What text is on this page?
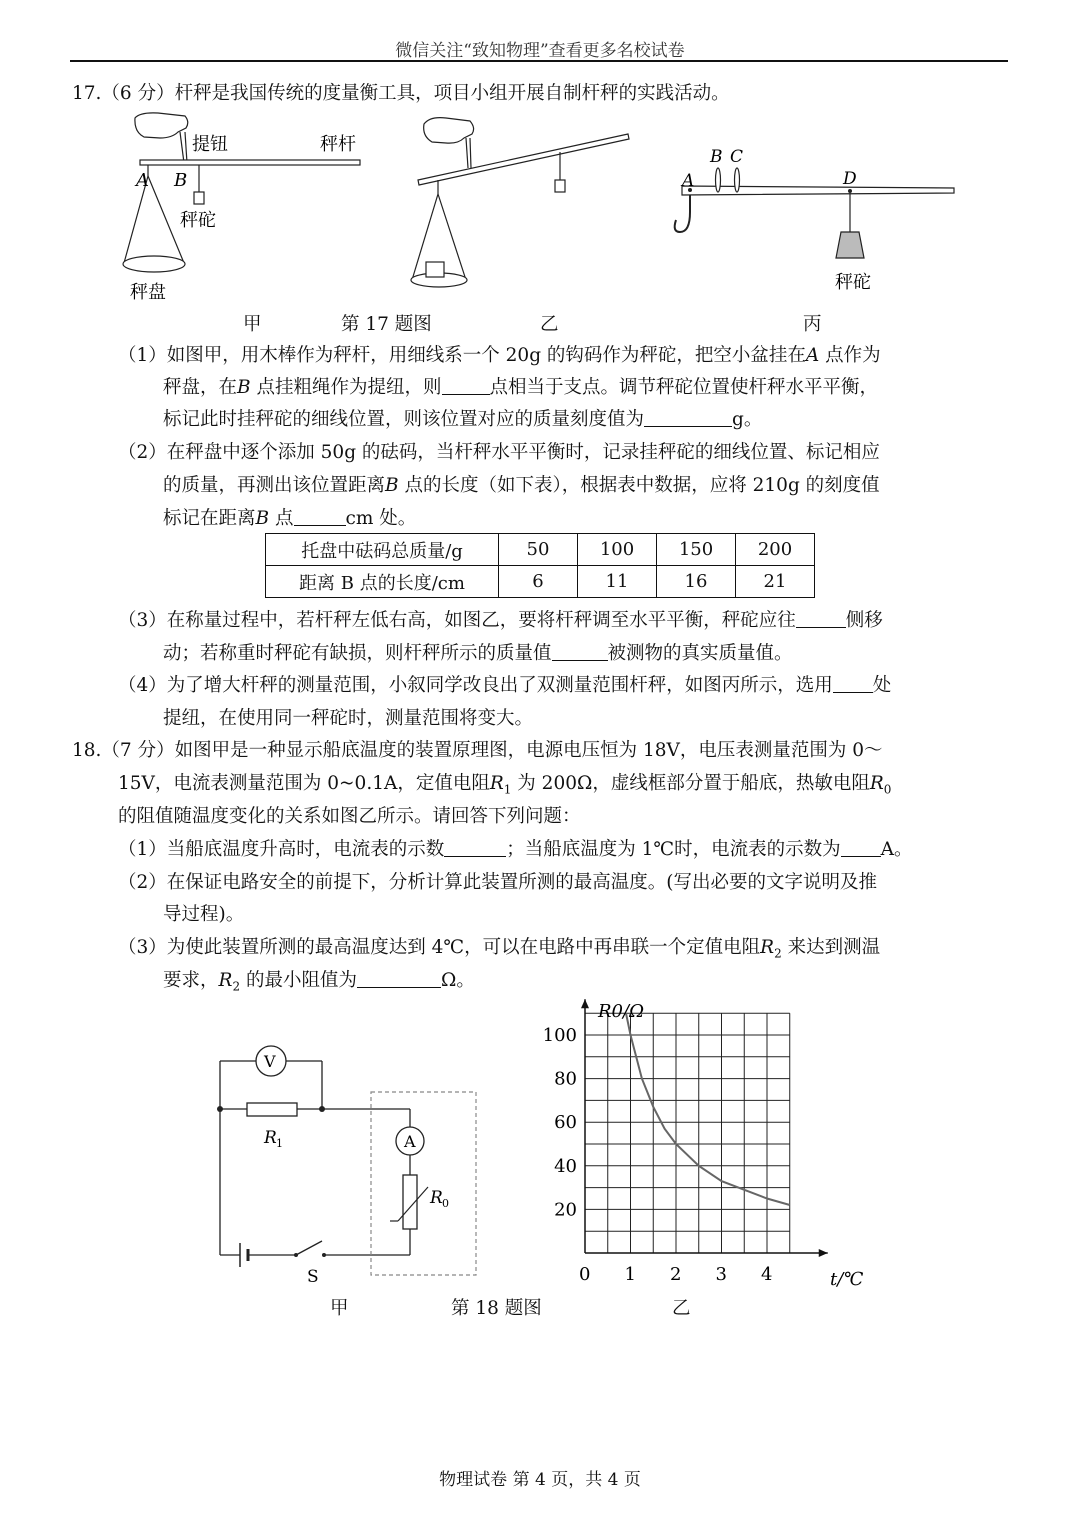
微信关注“致知物理”查看更多名校试卷
17.（6 分）杆秤是我国传统的度量衡工具，项目小组开展自制杆秤的实践活动。
提钮	秤杆
A B
秤砣
秤盘
A
B C
D
秤砣
甲	第 17 题图	乙	丙
（1）如图甲，用木棒作为秤杆，用细线系一个 20g 的钩码作为秤砣，把空小盆挂在A 点作为
秤盘，在B 点挂粗绳作为提纽，则	点相当于支点。调节秤砣位置使杆秤水平平衡，
标记此时挂秤砣的细线位置，则该位置对应的质量刻度值为	g。
（2）在秤盘中逐个添加 50g 的砝码，当杆秤水平平衡时，记录挂秤砣的细线位置、标记相应
的质量，再测出该位置距离B 点的长度（如下表），根据表中数据，应将 210g 的刻度值
标记在距离B 点	cm 处。
托盘中砝码总质量/g	50	100	150	200
距离 B 点的长度/cm	6	11	16	21
（3）在称量过程中，若杆秤左低右高，如图乙，要将杆秤调至水平平衡，秤砣应往	侧移
动；若称重时秤砣有缺损，则杆秤所示的质量值	被测物的真实质量值。
（4）为了增大杆秤的测量范围，小叙同学改良出了双测量范围杆秤，如图丙所示，选用 处
提纽，在使用同一秤砣时，测量范围将变大。
18.（7 分）如图甲是一种显示船底温度的装置原理图，电源电压恒为 18V，电压表测量范围为 0～
15V，电流表测量范围为 0~0.1A，定值电阻$R_1$ 为 200Ω，虚线框部分置于船底，热敏电阻$R_0$
的阻值随温度变化的关系如图乙所示。请回答下列问题：
（1）当船底温度升高时，电流表的示数	；当船底温度为 1℃时，电流表的示数为 A。
（2）在保证电路安全的前提下，分析计算此装置所测的最高温度。(写出必要的文字说明及推
导过程)。
（3）为使此装置所测的最高温度达到 4℃，可以在电路中再串联一个定值电阻$R_2$ 来达到测温
要求，$R_2$ 的最小阻值为	Ω。
V
R 1
S
A
R 0
0 1 2 3 4
20
40
60
80
100
R0/Ω
t/℃
甲	第 18 题图	乙
物理试卷 第 4 页，共 4 页
